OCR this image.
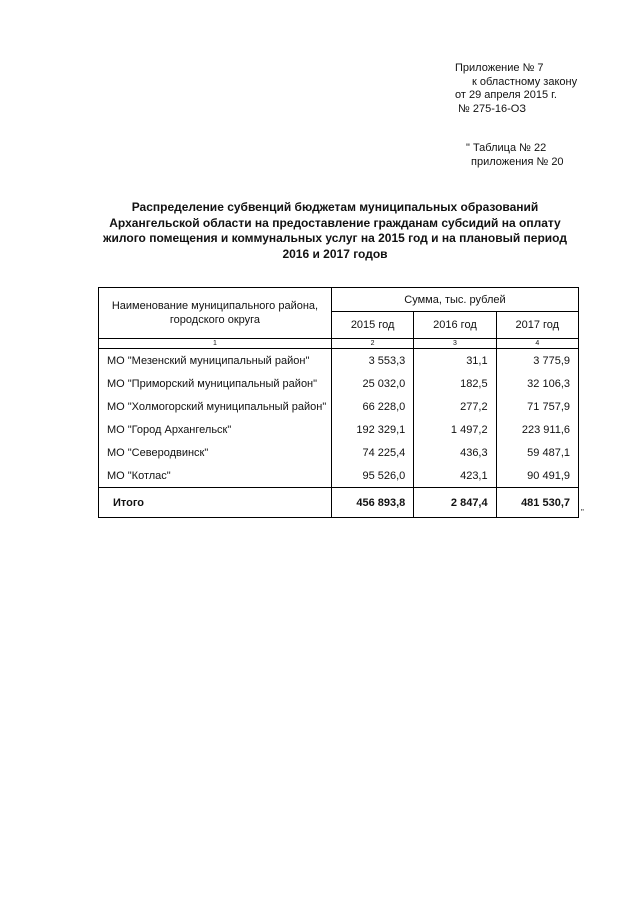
Приложение № 7
к областному закону
от 29 апреля 2015 г.
№ 275-16-ОЗ
" Таблица № 22
приложения № 20
Распределение субвенций бюджетам муниципальных образований Архангельской области на предоставление гражданам субсидий на оплату жилого помещения и коммунальных услуг на 2015 год и на плановый период 2016 и 2017 годов
Наименование муниципального района, городского округа	Сумма, тыс. рублей		
	2015 год	2016 год	2017 год
1	2	3	4
МО "Мезенский муниципальный район"	3 553,3	31,1	3 775,9
МО "Приморский муниципальный район"	25 032,0	182,5	32 106,3
МО "Холмогорский муниципальный район"	66 228,0	277,2	71 757,9
МО "Город Архангельск"	192 329,1	1 497,2	223 911,6
МО "Северодвинск"	74 225,4	436,3	59 487,1
МО "Котлас"	95 526,0	423,1	90 491,9
Итого	456 893,8	2 847,4	481 530,7
"
